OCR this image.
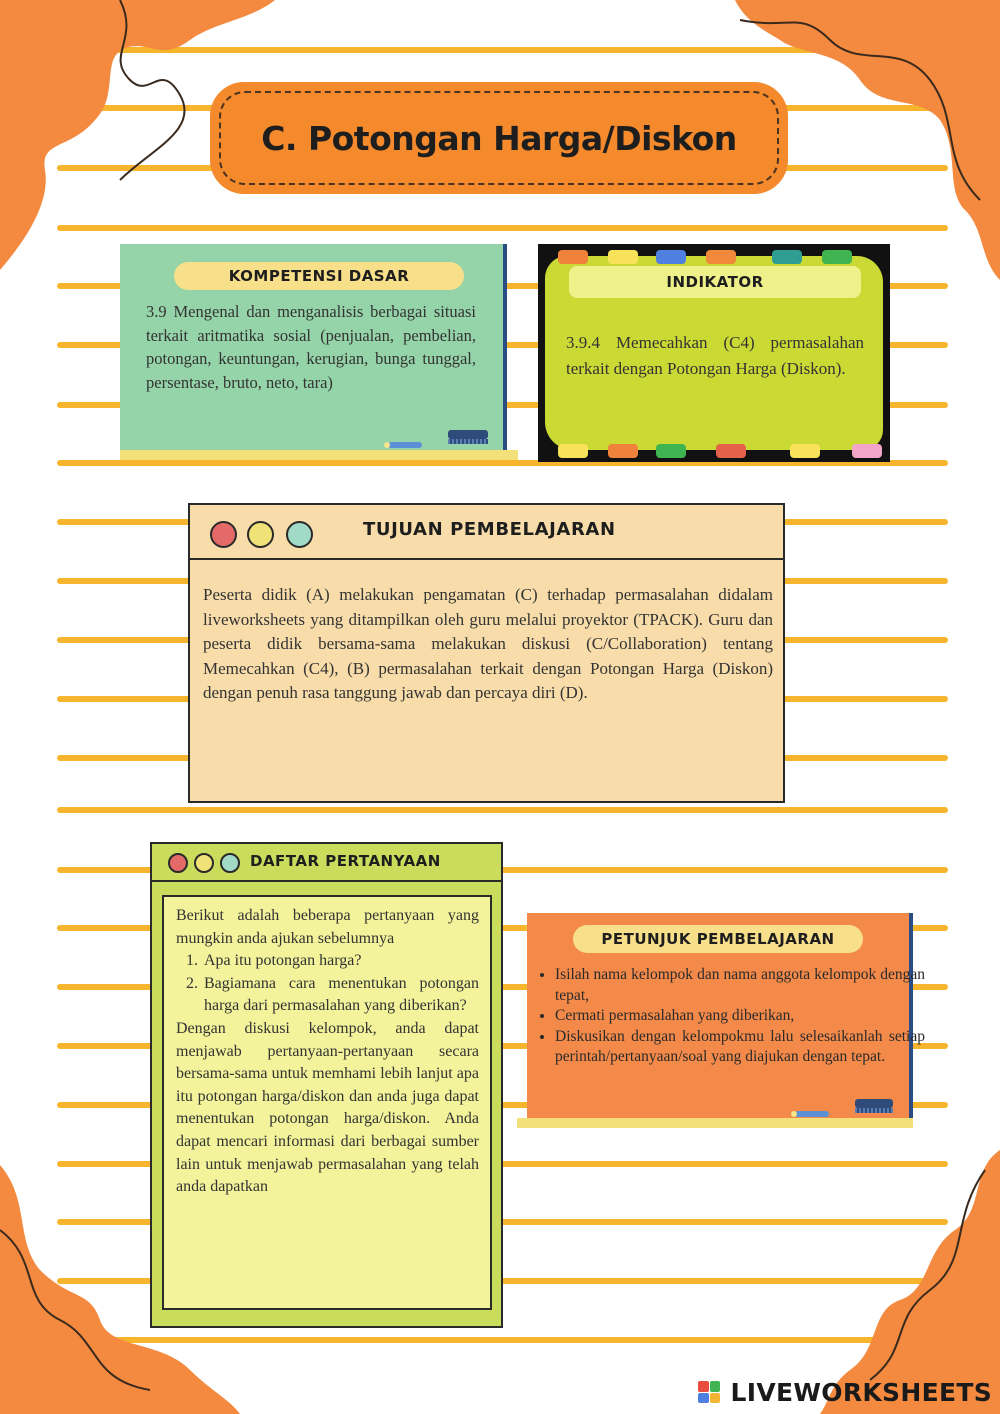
C. Potongan Harga/Diskon
KOMPETENSI DASAR

3.9 Mengenal dan menganalisis berbagai situasi terkait aritmatika sosial (penjualan, pembelian, potongan, keuntungan, kerugian, bunga tunggal, persentase, bruto, neto, tara)

INDIKATOR

3.9.4 Memecahkan (C4) permasalahan terkait dengan Potongan Harga (Diskon).

TUJUAN PEMBELAJARAN

Peserta didik (A) melakukan pengamatan (C) terhadap permasalahan didalam liveworksheets yang ditampilkan oleh guru melalui proyektor (TPACK). Guru dan peserta didik bersama-sama melakukan diskusi (C/Collaboration) tentang Memecahkan (C4), (B) permasalahan terkait dengan Potongan Harga (Diskon) dengan penuh rasa tanggung jawab dan percaya diri (D).

DAFTAR PERTANYAAN

Berikut adalah beberapa pertanyaan yang mungkin anda ajukan sebelumnya

1. Apa itu potongan harga?
2. Bagiamana cara menentukan potongan harga dari permasalahan yang diberikan?

Dengan diskusi kelompok, anda dapat menjawab pertanyaan-pertanyaan secara bersama-sama untuk memhami lebih lanjut apa itu potongan harga/diskon dan anda juga dapat menentukan potongan harga/diskon. Anda dapat mencari informasi dari berbagai sumber lain untuk menjawab permasalahan yang telah anda dapatkan

PETUNJUK PEMBELAJARAN
• Isilah nama kelompok dan nama anggota kelompok dengan tepat,
• Cermati permasalahan yang diberikan,
• Diskusikan dengan kelompokmu lalu selesaikanlah setiap perintah/pertanyaan/soal yang diajukan dengan tepat.
LIVEWORKSHEETS
